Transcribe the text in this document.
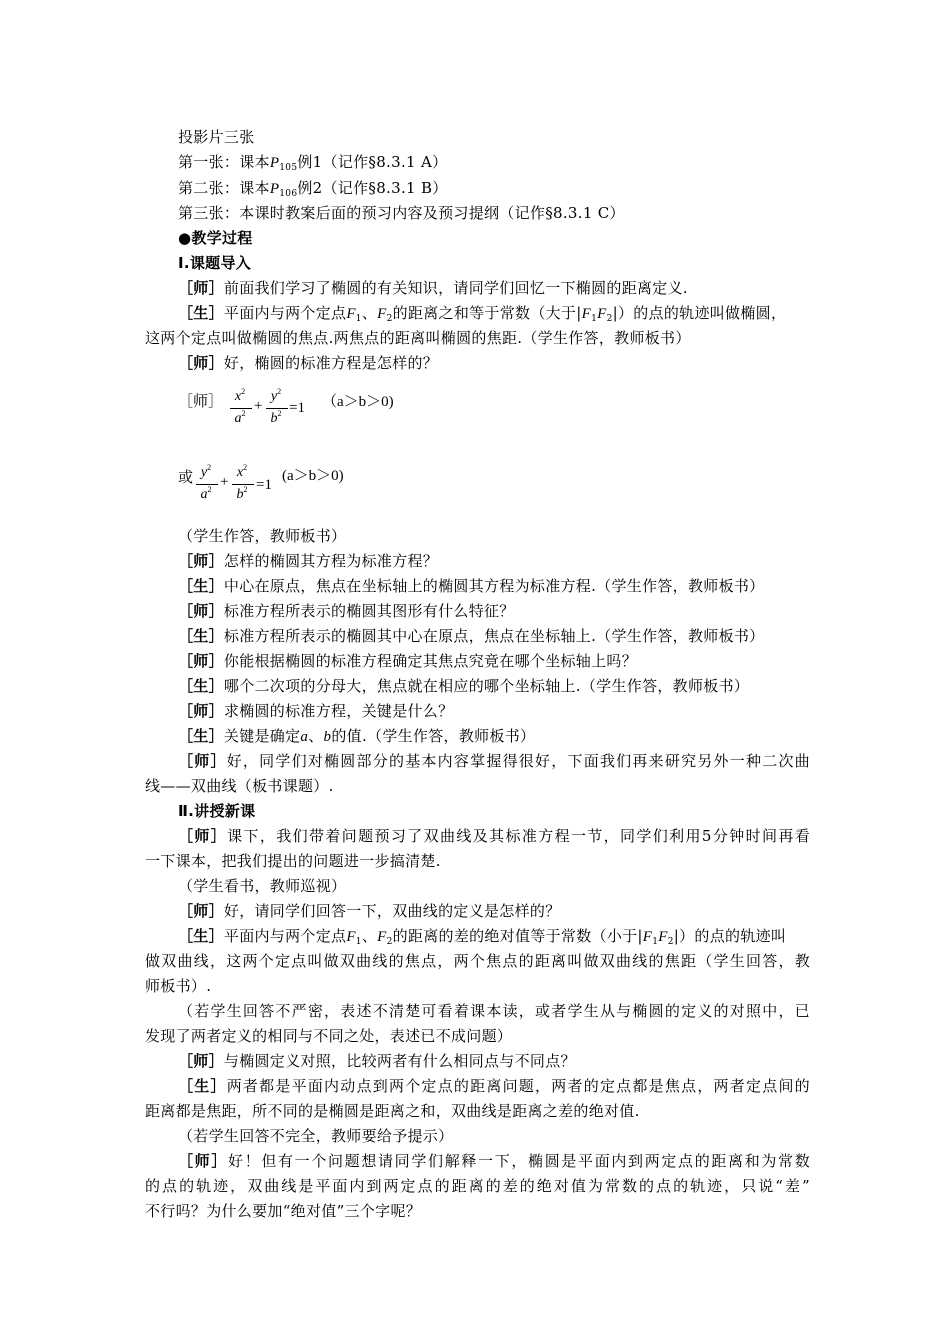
投影片三张
第一张：课本$P_{105}$例1（记作§8.3.1 A）
第二张：课本$P_{106}$例2（记作§8.3.1 B）
第三张：本课时教案后面的预习内容及预习提纲（记作§8.3.1 C）
●教学过程
Ⅰ.课题导入
［师］前面我们学习了椭圆的有关知识，请同学们回忆一下椭圆的距离定义.
［生］平面内与两个定点$F_1$、$F_2$的距离之和等于常数（大于$|F_1F_2|$）的点的轨迹叫做椭圆，
这两个定点叫做椭圆的焦点.两焦点的距离叫椭圆的焦距.（学生作答，教师板书）
［师］好，椭圆的标准方程是怎样的？
［师］ $x^2$
$a^2$ +
$y^2$
$b^2 =1$ （a＞b＞0)
或 $y^2$
$a^2$ +
$x^2$
$b^2 =1$
(a＞b＞0)
（学生作答，教师板书）
［师］怎样的椭圆其方程为标准方程？
［生］中心在原点，焦点在坐标轴上的椭圆其方程为标准方程.（学生作答，教师板书）
［师］标准方程所表示的椭圆其图形有什么特征？
［生］标准方程所表示的椭圆其中心在原点，焦点在坐标轴上.（学生作答，教师板书）
［师］你能根据椭圆的标准方程确定其焦点究竟在哪个坐标轴上吗？
［生］哪个二次项的分母大，焦点就在相应的哪个坐标轴上.（学生作答，教师板书）
［师］求椭圆的标准方程，关键是什么？
［生］关键是确定a、b的值.（学生作答，教师板书）
［师］好，同学们对椭圆部分的基本内容掌握得很好，下面我们再来研究另外一种二次曲
线——双曲线（板书课题）.
Ⅱ.讲授新课
［师］课下，我们带着问题预习了双曲线及其标准方程一节，同学们利用5分钟时间再看
一下课本，把我们提出的问题进一步搞清楚.
（学生看书，教师巡视）
［师］好，请同学们回答一下，双曲线的定义是怎样的？
［生］平面内与两个定点$F_1$、$F_2$的距离的差的绝对值等于常数（小于$|F_1F_2|$）的点的轨迹叫
做双曲线，这两个定点叫做双曲线的焦点，两个焦点的距离叫做双曲线的焦距（学生回答，教
师板书）.
（若学生回答不严密，表述不清楚可看着课本读，或者学生从与椭圆的定义的对照中，已
发现了两者定义的相同与不同之处，表述已不成问题）
［师］与椭圆定义对照，比较两者有什么相同点与不同点？
［生］两者都是平面内动点到两个定点的距离问题，两者的定点都是焦点，两者定点间的
距离都是焦距，所不同的是椭圆是距离之和，双曲线是距离之差的绝对值.
（若学生回答不完全，教师要给予提示）
［师］好！但有一个问题想请同学们解释一下，椭圆是平面内到两定点的距离和为常数
的点的轨迹，双曲线是平面内到两定点的距离的差的绝对值为常数的点的轨迹，只说“差”
不行吗？为什么要加“绝对值”三个字呢？
